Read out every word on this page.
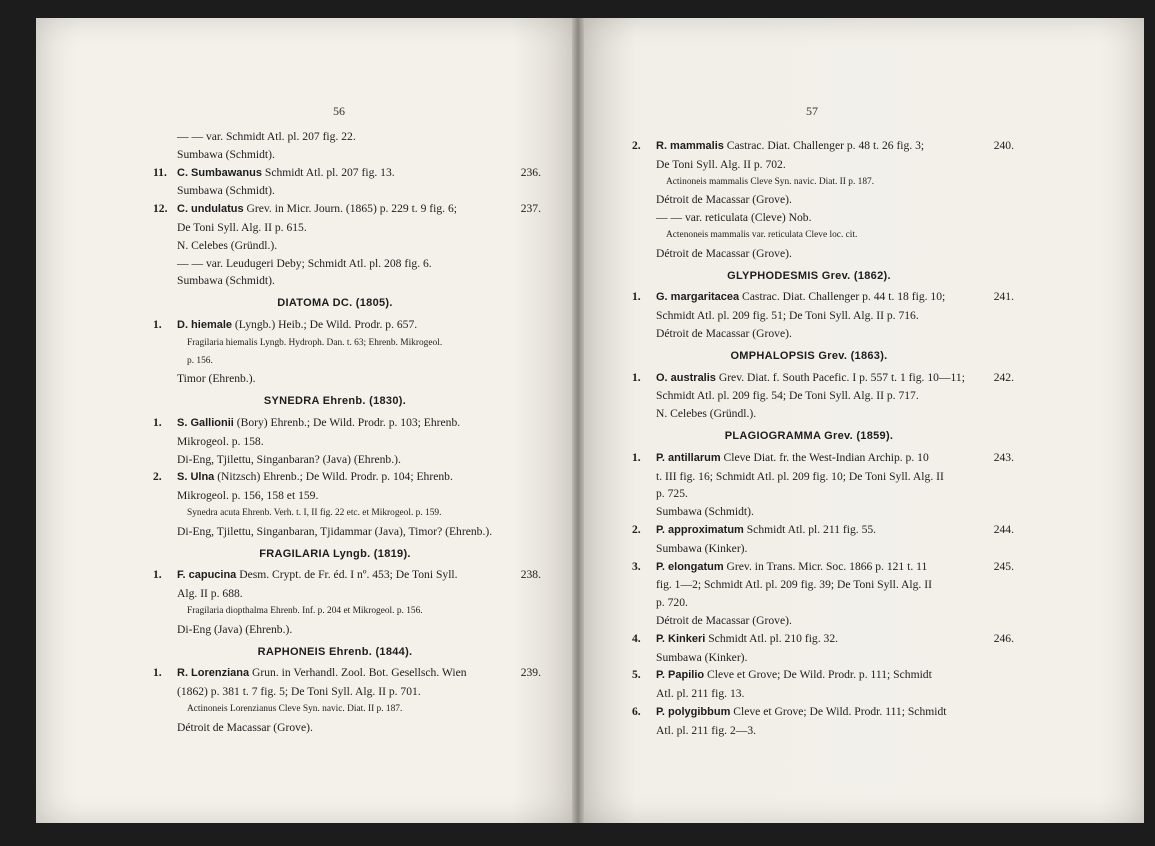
56	57
— — var. Schmidt Atl. pl. 207 fig. 22.
Sumbawa (Schmidt).
11. C. Sumbawanus Schmidt Atl. pl. 207 fig. 13.	236.
Sumbawa (Schmidt).
12. C. undulatus Grev. in Micr. Journ. (1865) p. 229 t. 9 fig. 6;	237.
De Toni Syll. Alg. II p. 615.
N. Celebes (Gründl.).
— — var. Leudugeri Deby; Schmidt Atl. pl. 208 fig. 6.
Sumbawa (Schmidt).
DIATOMA DC. (1805).
1. D. hiemale (Lyngb.) Heib.; De Wild. Prodr. p. 657.
Fragilaria hiemalis Lyngb. Hydroph. Dan. t. 63; Ehrenb. Mikrogeol.
p. 156.
Timor (Ehrenb.).
SYNEDRA Ehrenb. (1830).
1. S. Gallionii (Bory) Ehrenb.; De Wild. Prodr. p. 103; Ehrenb.
Mikrogeol. p. 158.
Di-Eng, Tjilettu, Singanbaran? (Java) (Ehrenb.).
2. S. Ulna (Nitzsch) Ehrenb.; De Wild. Prodr. p. 104; Ehrenb.
Mikrogeol. p. 156, 158 et 159.
Synedra acuta Ehrenb. Verh. t. I, II fig. 22 etc. et Mikrogeol. p. 159.
Di-Eng, Tjilettu, Singanbaran, Tjidammar (Java), Timor? (Ehrenb.).
FRAGILARIA Lyngb. (1819).
1. F. capucina Desm. Crypt. de Fr. éd. I nº. 453; De Toni Syll.	238.
Alg. II p. 688.
Fragilaria diopthalma Ehrenb. Inf. p. 204 et Mikrogeol. p. 156.
Di-Eng (Java) (Ehrenb.).
RAPHONEIS Ehrenb. (1844).
1. R. Lorenziana Grun. in Verhandl. Zool. Bot. Gesellsch. Wien	239.
(1862) p. 381 t. 7 fig. 5; De Toni Syll. Alg. II p. 701.
Actinoneis Lorenzianus Cleve Syn. navic. Diat. II p. 187.
Détroit de Macassar (Grove).
2. R. mammalis Castrac. Diat. Challenger p. 48 t. 26 fig. 3;	240.
De Toni Syll. Alg. II p. 702.
Actinoneis mammalis Cleve Syn. navic. Diat. II p. 187.
Détroit de Macassar (Grove).
— — var. reticulata (Cleve) Nob.
Actenoneis mammalis var. reticulata Cleve loc. cit.
Détroit de Macassar (Grove).
GLYPHODESMIS Grev. (1862).
1. G. margaritacea Castrac. Diat. Challenger p. 44 t. 18 fig. 10;	241.
Schmidt Atl. pl. 209 fig. 51; De Toni Syll. Alg. II p. 716.
Détroit de Macassar (Grove).
OMPHALOPSIS Grev. (1863).
1. O. australis Grev. Diat. f. South Pacefic. I p. 557 t. 1 fig. 10—11; 242.
Schmidt Atl. pl. 209 fig. 54; De Toni Syll. Alg. II p. 717.
N. Celebes (Gründl.).
PLAGIOGRAMMA Grev. (1859).
1. P. antillarum Cleve Diat. fr. the West-Indian Archip. p. 10	243.
t. III fig. 16; Schmidt Atl. pl. 209 fig. 10; De Toni Syll. Alg. II
p. 725.
Sumbawa (Schmidt).
2. P. approximatum Schmidt Atl. pl. 211 fig. 55.	244.
Sumbawa (Kinker).
3. P. elongatum Grev. in Trans. Micr. Soc. 1866 p. 121 t. 11	245.
fig. 1—2; Schmidt Atl. pl. 209 fig. 39; De Toni Syll. Alg. II
p. 720.
Détroit de Macassar (Grove).
4. P. Kinkeri Schmidt Atl. pl. 210 fig. 32.	246.
Sumbawa (Kinker).
5. P. Papilio Cleve et Grove; De Wild. Prodr. p. 111; Schmidt
Atl. pl. 211 fig. 13.
6. P. polygibbum Cleve et Grove; De Wild. Prodr. 111; Schmidt
Atl. pl. 211 fig. 2—3.
